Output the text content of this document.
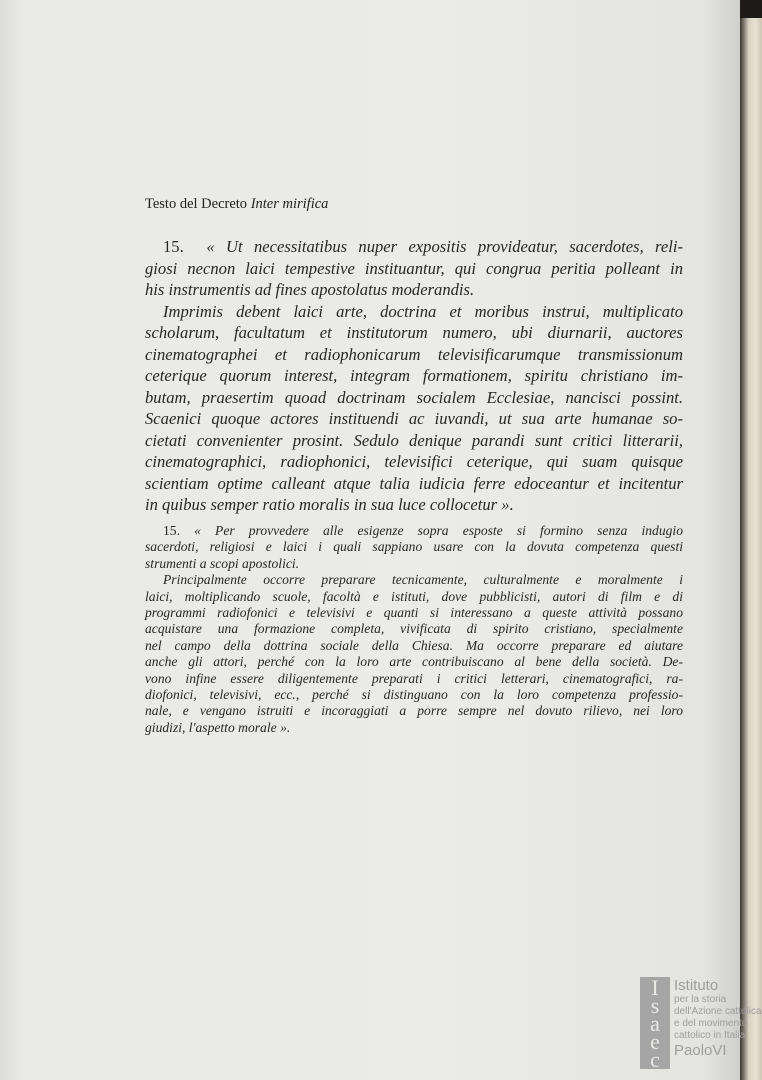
Testo del Decreto Inter mirifica
15. « Ut necessitatibus nuper expositis provideatur, sacerdotes, reli-
giosi necnon laici tempestive instituantur, qui congrua peritia polleant in
his instrumentis ad fines apostolatus moderandis.
Imprimis debent laici arte, doctrina et moribus instrui, multiplicato
scholarum, facultatum et institutorum numero, ubi diurnarii, auctores
cinematographei et radiophonicarum televisificarumque transmissionum
ceterique quorum interest, integram formationem, spiritu christiano im-
butam, praesertim quoad doctrinam socialem Ecclesiae, nancisci possint.
Scaenici quoque actores instituendi ac iuvandi, ut sua arte humanae so-
cietati convenienter prosint. Sedulo denique parandi sunt critici litterarii,
cinematographici, radiophonici, televisifici ceterique, qui suam quisque
scientiam optime calleant atque talia iudicia ferre edoceantur et incitentur
in quibus semper ratio moralis in sua luce collocetur ».
15. « Per provvedere alle esigenze sopra esposte si formino senza indugio
sacerdoti, religiosi e laici i quali sappiano usare con la dovuta competenza questi
strumenti a scopi apostolici.
Principalmente occorre preparare tecnicamente, culturalmente e moralmente i
laici, moltiplicando scuole, facoltà e istituti, dove pubblicisti, autori di film e di
programmi radiofonici e televisivi e quanti si interessano a queste attività possano
acquistare una formazione completa, vivificata di spirito cristiano, specialmente
nel campo della dottrina sociale della Chiesa. Ma occorre preparare ed aiutare
anche gli attori, perché con la loro arte contribuiscano al bene della società. De-
vono infine essere diligentemente preparati i critici letterari, cinematografici, ra-
diofonici, televisivi, ecc., perché si distinguano con la loro competenza professio-
nale, e vengano istruiti e incoraggiati a porre sempre nel dovuto rilievo, nei loro
giudizi, l'aspetto morale ».
I
s
a
e
c
Istituto
per la storia
dell'Azione cattolica
e del movimento
cattolico in Italia
PaoloVI
